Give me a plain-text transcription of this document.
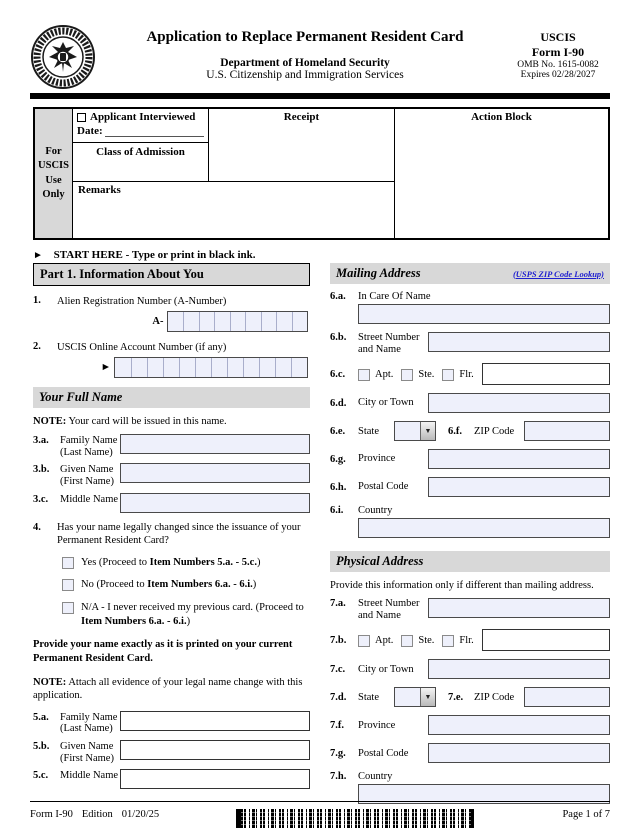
Application to Replace Permanent Resident Card
Department of Homeland Security
U.S. Citizenship and Immigration Services
USCIS
Form I-90
OMB No. 1615-0082
Expires 02/28/2027
For USCIS Use Only
Applicant Interviewed
Date:
Class of Admission
Receipt
Remarks
Action Block
► START HERE - Type or print in black ink.
Part 1. Information About You
1.	Alien Registration Number (A-Number)
A-
2.	USCIS Online Account Number (if any)
►
Your Full Name
NOTE: Your card will be issued in this name.
3.a.	Family Name
(Last Name)
3.b.	Given Name
(First Name)
3.c.	Middle Name
4.	Has your name legally changed since the issuance of your Permanent Resident Card?
Yes (Proceed to Item Numbers 5.a. - 5.c.)
No (Proceed to Item Numbers 6.a. - 6.i.)
N/A - I never received my previous card. (Proceed to Item Numbers 6.a. - 6.i.)
Provide your name exactly as it is printed on your current Permanent Resident Card.
NOTE: Attach all evidence of your legal name change with this application.
5.a.	Family Name
(Last Name)
5.b.	Given Name
(First Name)
5.c.	Middle Name
Mailing Address	(USPS ZIP Code Lookup)
6.a.	In Care Of Name
6.b.	Street Number and Name
6.c.	Apt. Ste. Flr.
6.d.	City or Town
6.e.	State	▼	6.f.	ZIP Code
6.g.	Province
6.h.	Postal Code
6.i.	Country
Physical Address
Provide this information only if different than mailing address.
7.a.	Street Number and Name
7.b.	Apt. Ste. Flr.
7.c.	City or Town
7.d.	State	▼	7.e.	ZIP Code
7.f.	Province
7.g.	Postal Code
7.h.	Country
Form I-90 Edition 01/20/25	Page 1 of 7
